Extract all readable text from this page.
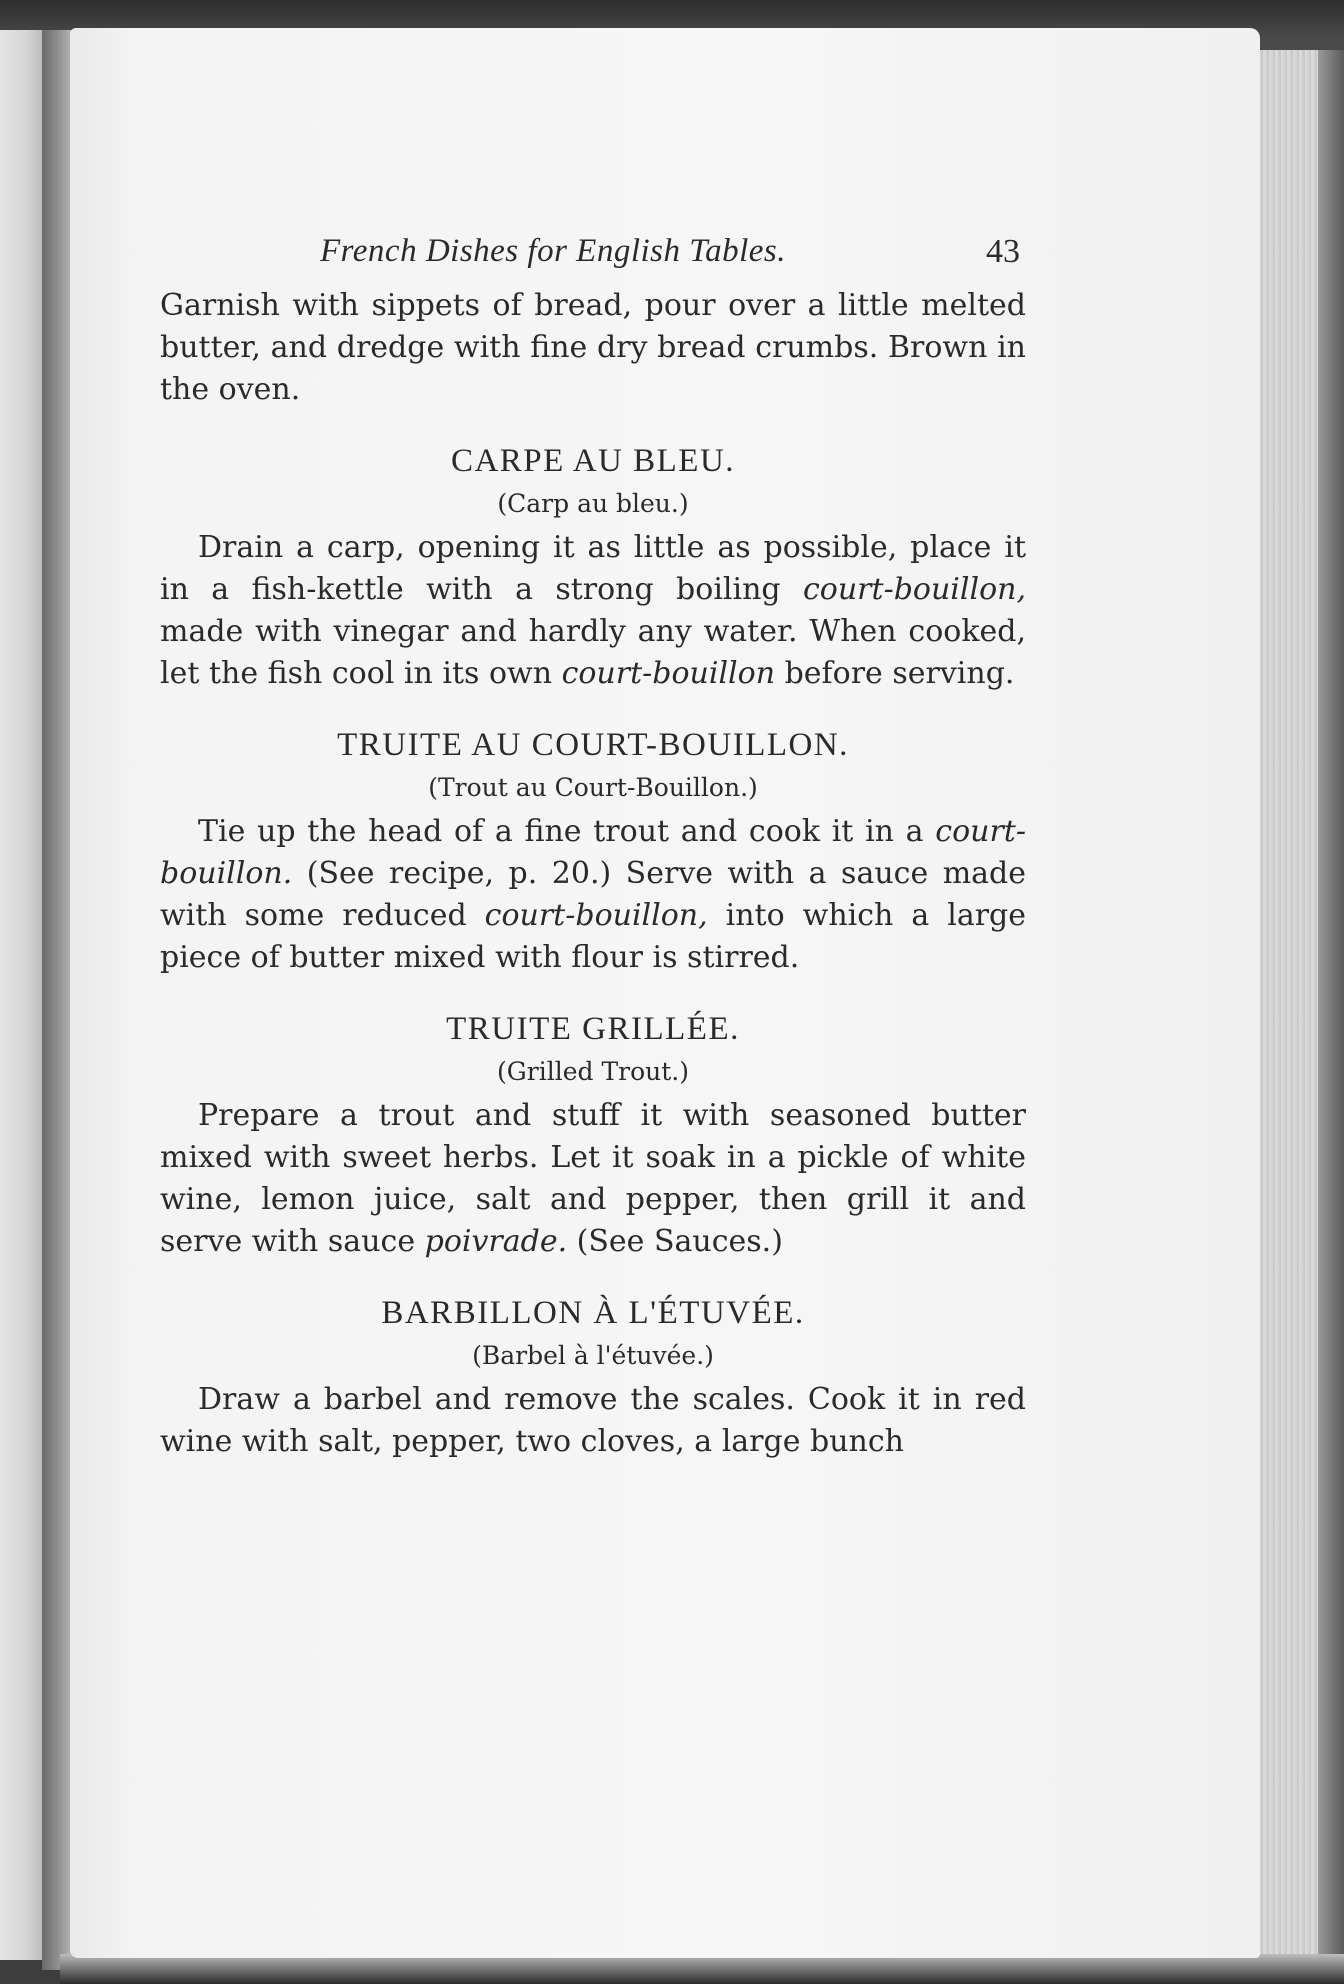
French Dishes for English Tables.	43

Garnish with sippets of bread, pour over a little melted butter, and dredge with fine dry bread crumbs. Brown in the oven.

CARPE AU BLEU.
(Carp au bleu.)

Drain a carp, opening it as little as possible, place it in a fish-kettle with a strong boiling court-bouillon, made with vinegar and hardly any water. When cooked, let the fish cool in its own court-bouillon before serving.

TRUITE AU COURT-BOUILLON.
(Trout au Court-Bouillon.)

Tie up the head of a fine trout and cook it in a court-bouillon. (See recipe, p. 20.) Serve with a sauce made with some reduced court-bouillon, into which a large piece of butter mixed with flour is stirred.

TRUITE GRILLÉE.
(Grilled Trout.)

Prepare a trout and stuff it with seasoned butter mixed with sweet herbs. Let it soak in a pickle of white wine, lemon juice, salt and pepper, then grill it and serve with sauce poivrade. (See Sauces.)

BARBILLON À L'ÉTUVÉE.
(Barbel à l'étuvée.)

Draw a barbel and remove the scales. Cook it in red wine with salt, pepper, two cloves, a large bunch
